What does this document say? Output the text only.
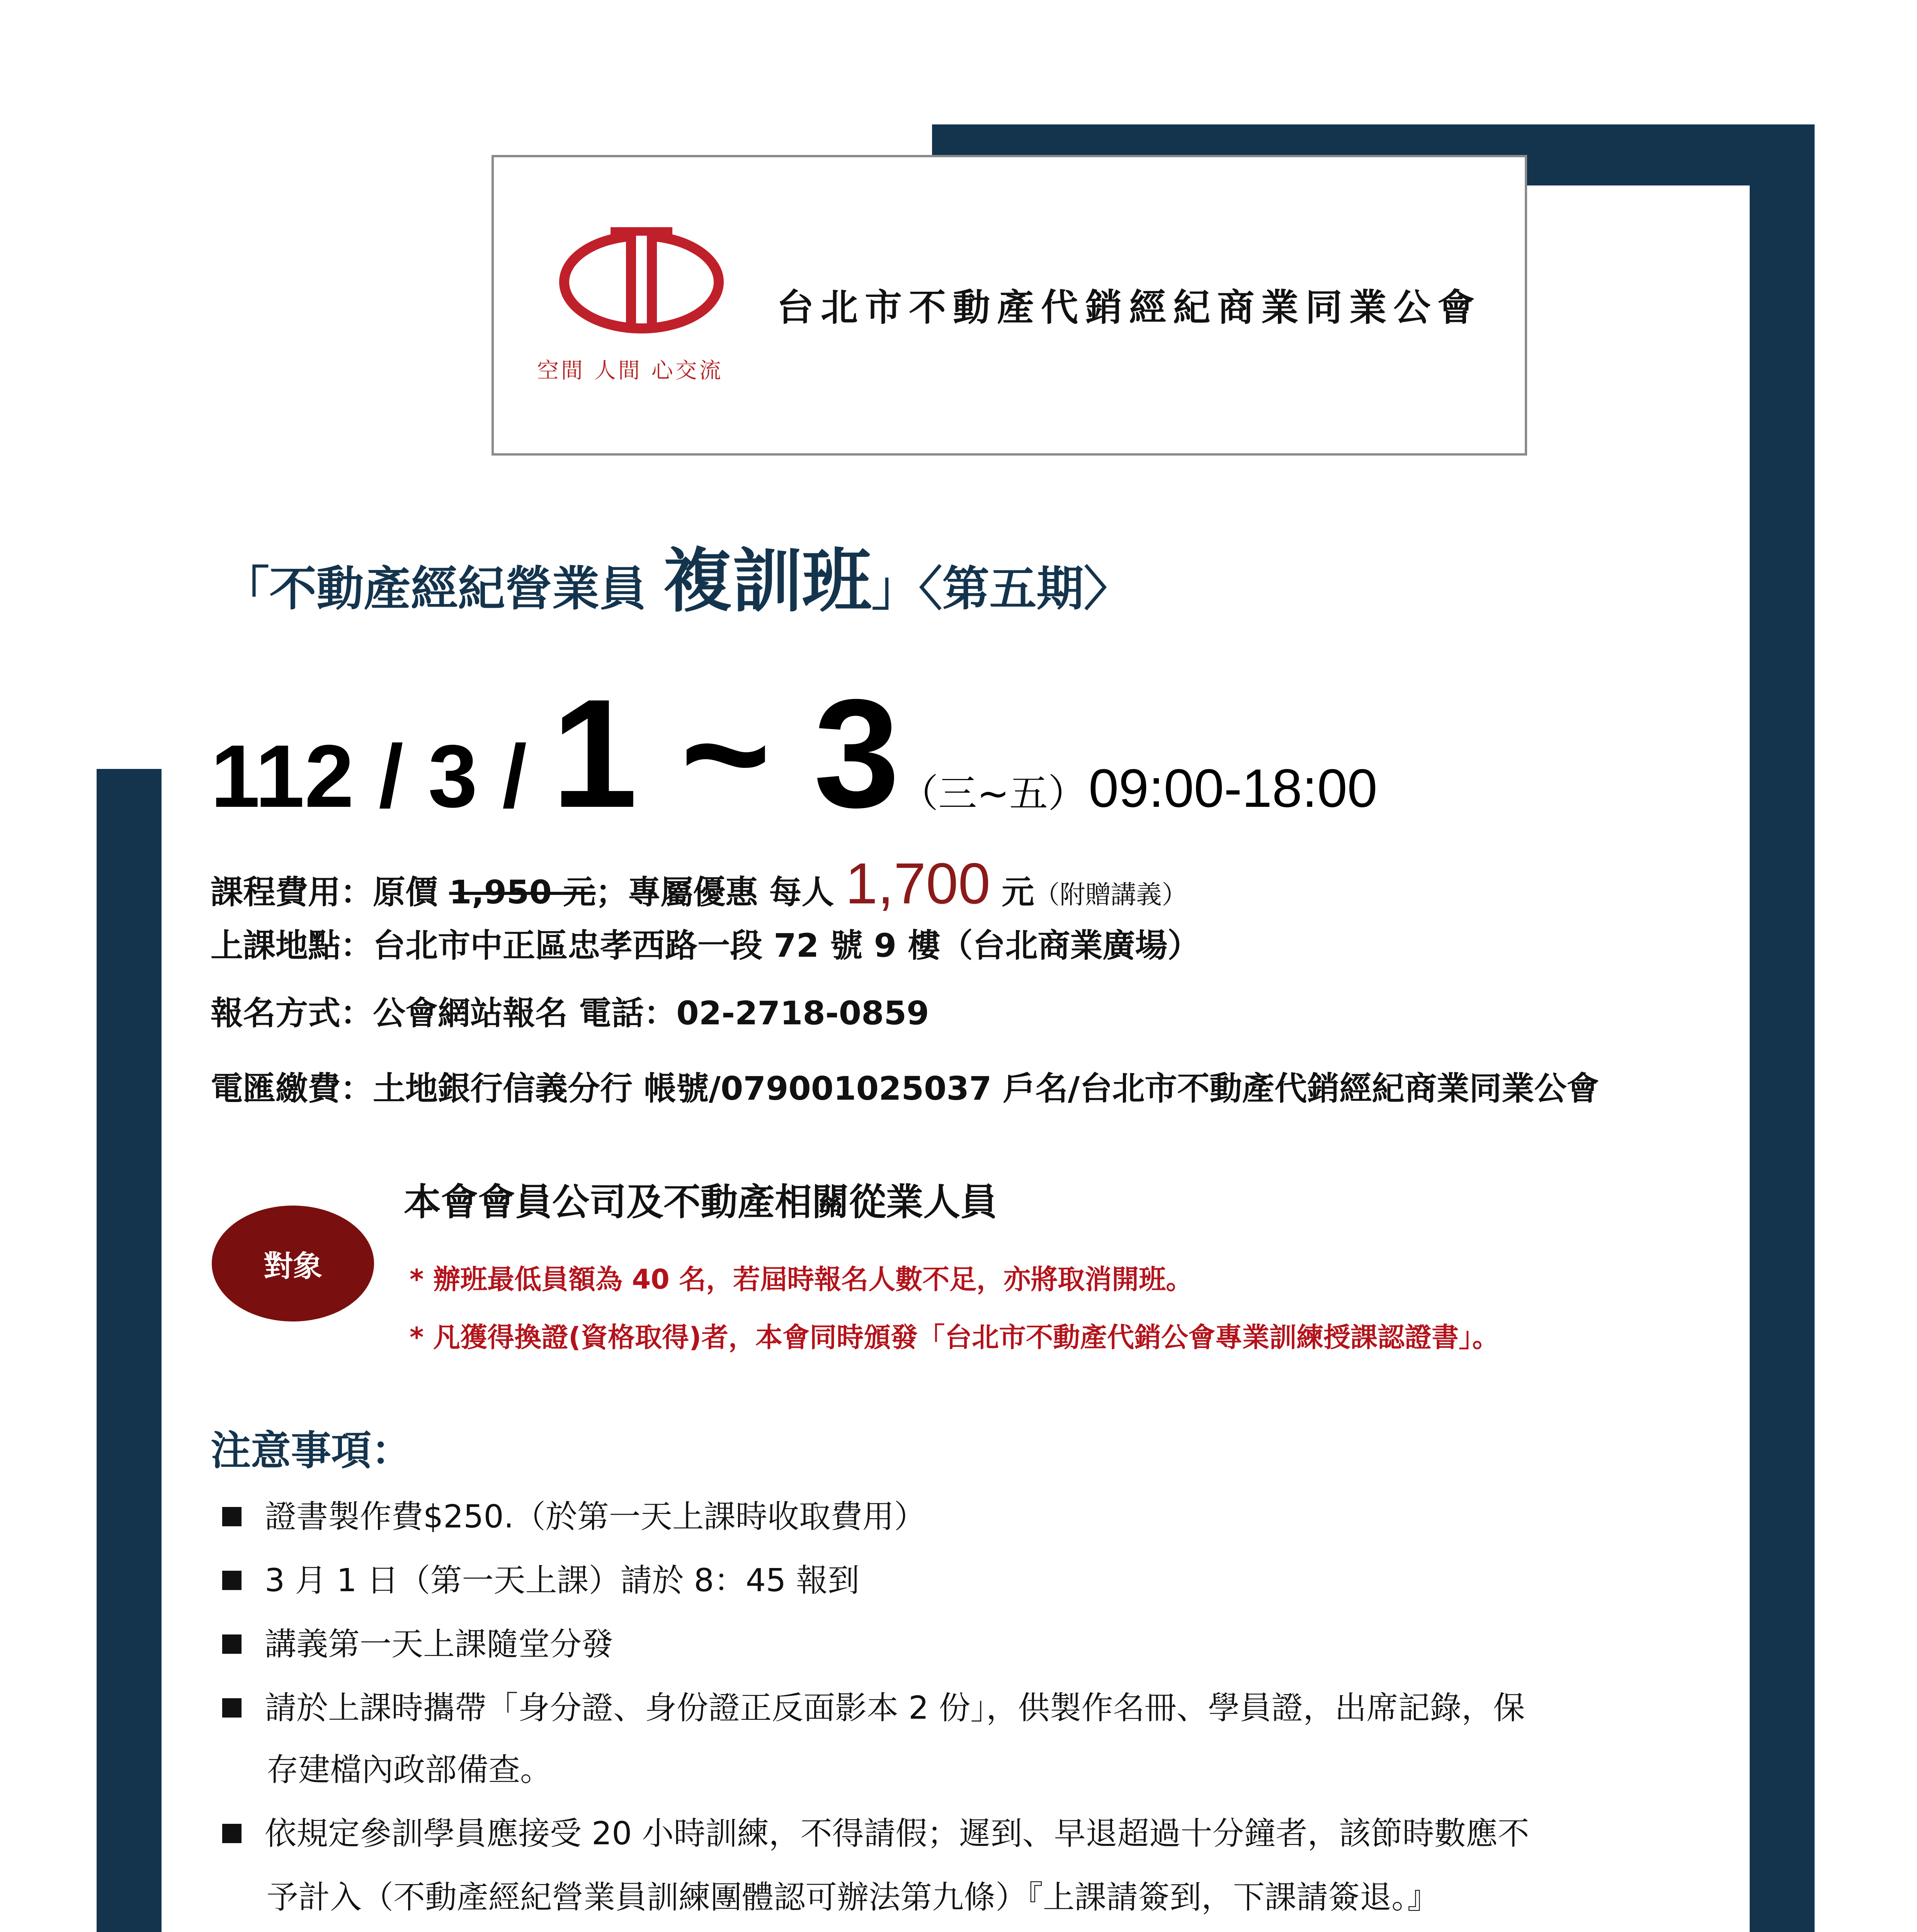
空間 人間 心交流
台北市不動產代銷經紀商業同業公會
「不動產經紀營業員 複訓班」〈第五期〉
112 / 3 / 1 ~ 3（三~五） 09:00-18:00
課程費用：原價 1,950 元；專屬優惠 每人 1,700 元（附贈講義）
上課地點：台北市中正區忠孝西路一段 72 號 9 樓（台北商業廣場）
報名方式：公會網站報名 電話：02-2718-0859
電匯繳費：土地銀行信義分行 帳號/079001025037 戶名/台北市不動產代銷經紀商業同業公會
對象
本會會員公司及不動產相關從業人員
* 辦班最低員額為 40 名，若屆時報名人數不足，亦將取消開班。
* 凡獲得換證(資格取得)者，本會同時頒發「台北市不動產代銷公會專業訓練授課認證書」。
注意事項：
證書製作費$250.（於第一天上課時收取費用）
3 月 1 日（第一天上課）請於 8：45 報到
講義第一天上課隨堂分發
請於上課時攜帶「身分證、身份證正反面影本 2 份」，供製作名冊、學員證，出席記錄，保
存建檔內政部備查。
依規定參訓學員應接受 20 小時訓練，不得請假；遲到、早退超過十分鐘者，該節時數應不
予計入（不動產經紀營業員訓練團體認可辦法第九條）『上課請簽到，下課請簽退。』
